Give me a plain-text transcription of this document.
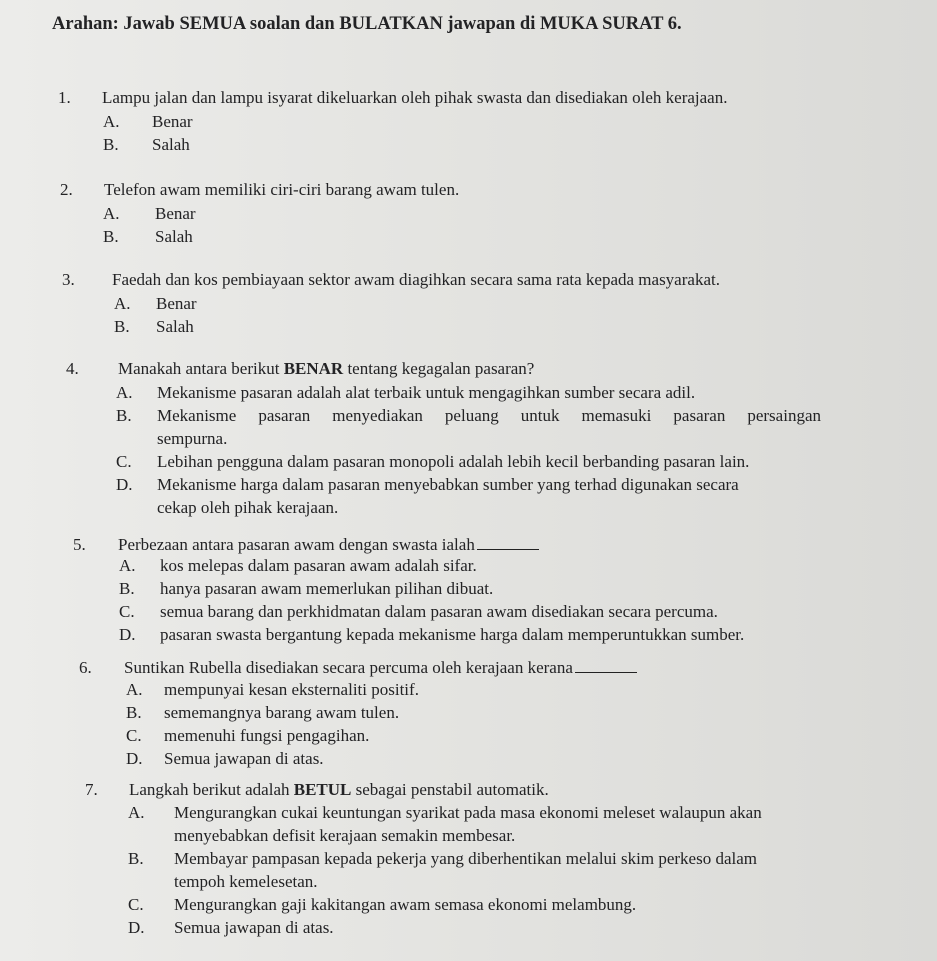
Arahan: Jawab SEMUA soalan dan BULATKAN jawapan di MUKA SURAT 6.
1. Lampu jalan dan lampu isyarat dikeluarkan oleh pihak swasta dan disediakan oleh kerajaan.
A. Benar
B. Salah
2. Telefon awam memiliki ciri-ciri barang awam tulen.
A. Benar
B. Salah
3. Faedah dan kos pembiayaan sektor awam diagihkan secara sama rata kepada masyarakat.
A. Benar
B. Salah
4. Manakah antara berikut BENAR tentang kegagalan pasaran?
A. Mekanisme pasaran adalah alat terbaik untuk mengagihkan sumber secara adil.
B. Mekanisme pasaran menyediakan peluang untuk memasuki pasaran persaingan
sempurna.
C. Lebihan pengguna dalam pasaran monopoli adalah lebih kecil berbanding pasaran lain.
D. Mekanisme harga dalam pasaran menyebabkan sumber yang terhad digunakan secara
cekap oleh pihak kerajaan.
5. Perbezaan antara pasaran awam dengan swasta ialah
A. kos melepas dalam pasaran awam adalah sifar.
B. hanya pasaran awam memerlukan pilihan dibuat.
C. semua barang dan perkhidmatan dalam pasaran awam disediakan secara percuma.
D. pasaran swasta bergantung kepada mekanisme harga dalam memperuntukkan sumber.
6. Suntikan Rubella disediakan secara percuma oleh kerajaan kerana
A. mempunyai kesan eksternaliti positif.
B. sememangnya barang awam tulen.
C. memenuhi fungsi pengagihan.
D. Semua jawapan di atas.
7. Langkah berikut adalah BETUL sebagai penstabil automatik.
A. Mengurangkan cukai keuntungan syarikat pada masa ekonomi meleset walaupun akan
menyebabkan defisit kerajaan semakin membesar.
B. Membayar pampasan kepada pekerja yang diberhentikan melalui skim perkeso dalam
tempoh kemelesetan.
C. Mengurangkan gaji kakitangan awam semasa ekonomi melambung.
D. Semua jawapan di atas.
